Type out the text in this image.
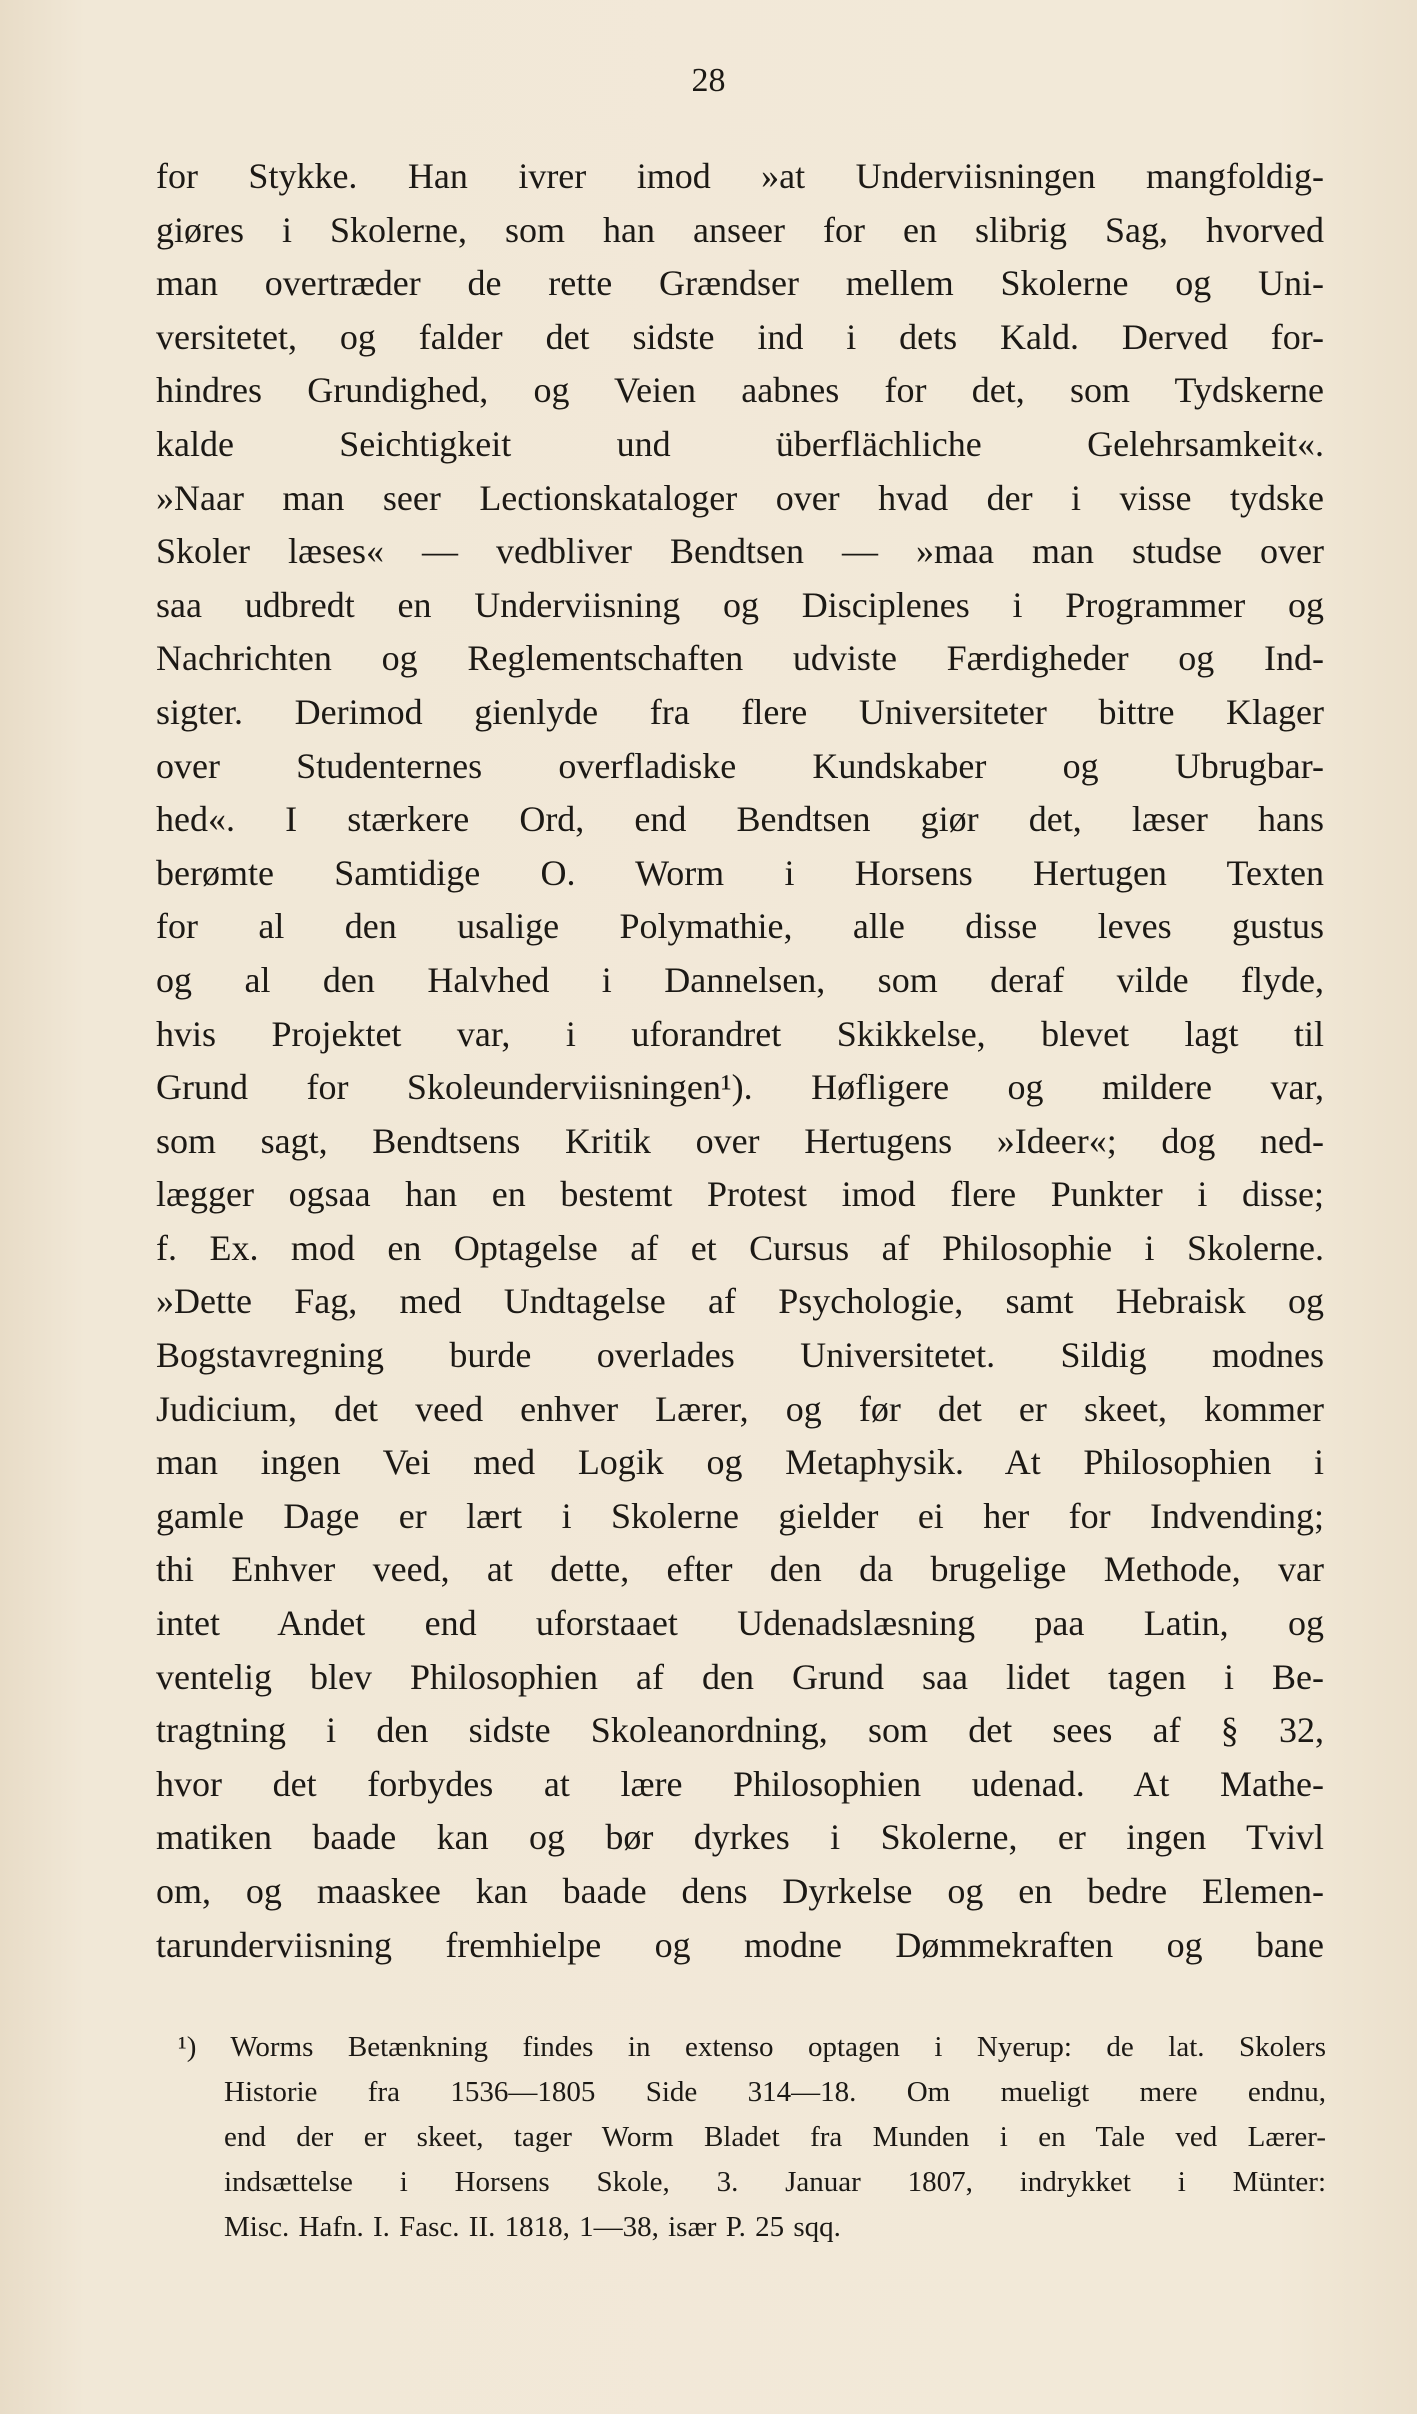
28
for Stykke. Han ivrer imod »at Underviisningen mangfoldig-
giøres i Skolerne, som han anseer for en slibrig Sag, hvorved
man overtræder de rette Grændser mellem Skolerne og Uni-
versitetet, og falder det sidste ind i dets Kald. Derved for-
hindres Grundighed, og Veien aabnes for det, som Tydskerne
kalde Seichtigkeit und überflächliche Gelehrsamkeit«.
»Naar man seer Lectionskataloger over hvad der i visse tydske
Skoler læses« — vedbliver Bendtsen — »maa man studse over
saa udbredt en Underviisning og Disciplenes i Programmer og
Nachrichten og Reglementschaften udviste Færdigheder og Ind-
sigter. Derimod gienlyde fra flere Universiteter bittre Klager
over Studenternes overfladiske Kundskaber og Ubrugbar-
hed«. I stærkere Ord, end Bendtsen giør det, læser hans
berømte Samtidige O. Worm i Horsens Hertugen Texten
for al den usalige Polymathie, alle disse leves gustus
og al den Halvhed i Dannelsen, som deraf vilde flyde,
hvis Projektet var, i uforandret Skikkelse, blevet lagt til
Grund for Skoleunderviisningen¹). Høfligere og mildere var,
som sagt, Bendtsens Kritik over Hertugens »Ideer«; dog ned-
lægger ogsaa han en bestemt Protest imod flere Punkter i disse;
f. Ex. mod en Optagelse af et Cursus af Philosophie i Skolerne.
»Dette Fag, med Undtagelse af Psychologie, samt Hebraisk og
Bogstavregning burde overlades Universitetet. Sildig modnes
Judicium, det veed enhver Lærer, og før det er skeet, kommer
man ingen Vei med Logik og Metaphysik. At Philosophien i
gamle Dage er lært i Skolerne gielder ei her for Indvending;
thi Enhver veed, at dette, efter den da brugelige Methode, var
intet Andet end uforstaaet Udenadslæsning paa Latin, og
ventelig blev Philosophien af den Grund saa lidet tagen i Be-
tragtning i den sidste Skoleanordning, som det sees af § 32,
hvor det forbydes at lære Philosophien udenad. At Mathe-
matiken baade kan og bør dyrkes i Skolerne, er ingen Tvivl
om, og maaskee kan baade dens Dyrkelse og en bedre Elemen-
tarunderviisning fremhielpe og modne Dømmekraften og bane
¹) Worms Betænkning findes in extenso optagen i Nyerup: de lat. Skolers
Historie fra 1536—1805 Side 314—18. Om mueligt mere endnu,
end der er skeet, tager Worm Bladet fra Munden i en Tale ved Lærer-
indsættelse i Horsens Skole, 3. Januar 1807, indrykket i Münter:
Misc. Hafn. I. Fasc. II. 1818, 1—38, især P. 25 sqq.
